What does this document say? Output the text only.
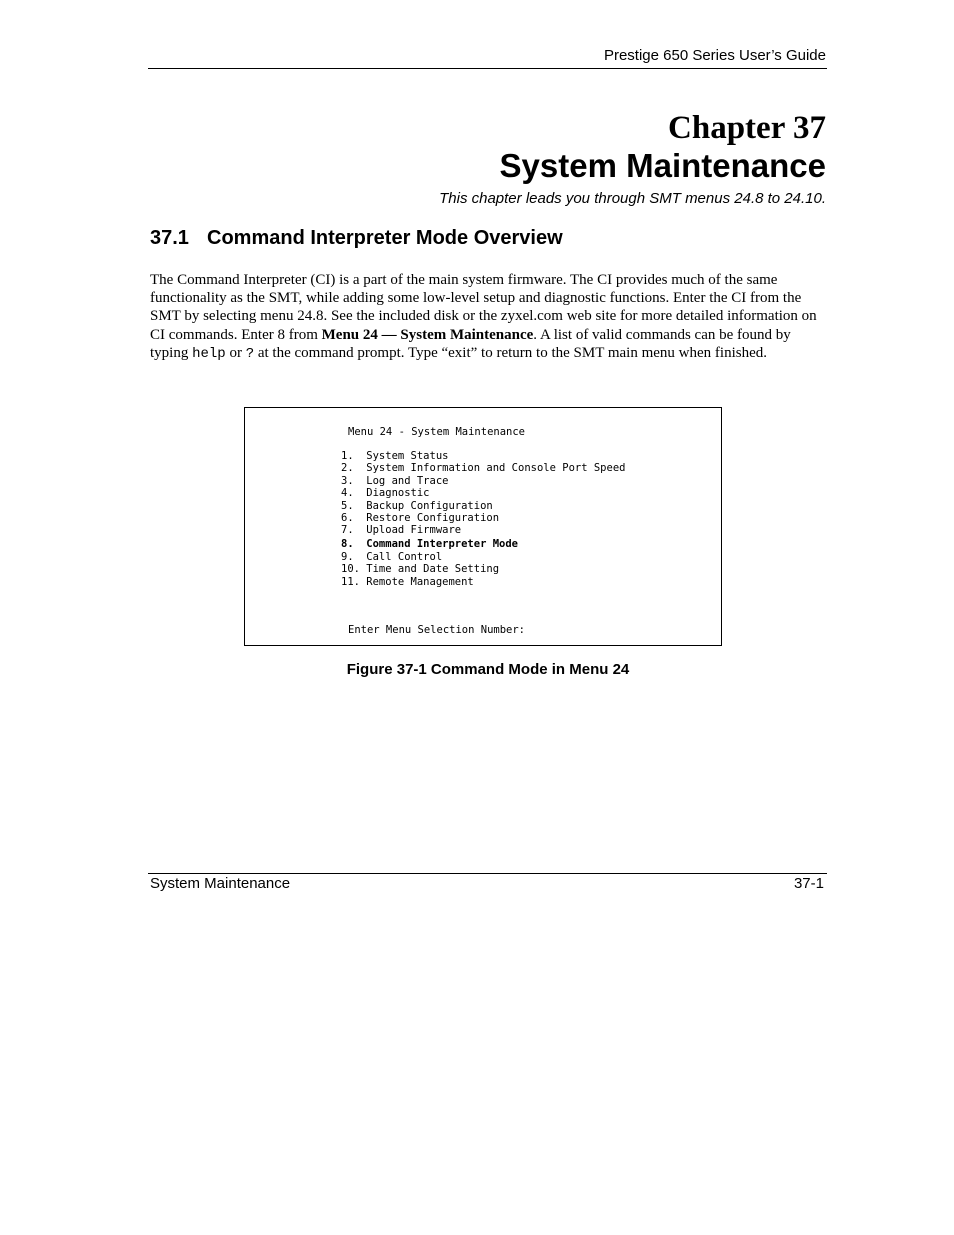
Prestige 650 Series User’s Guide
Chapter 37
System Maintenance
This chapter leads you through SMT menus 24.8 to 24.10.
37.1 Command Interpreter Mode Overview
The Command Interpreter (CI) is a part of the main system firmware. The CI provides much of the same functionality as the SMT, while adding some low-level setup and diagnostic functions. Enter the CI from the SMT by selecting menu 24.8. See the included disk or the zyxel.com web site for more detailed information on CI commands. Enter 8 from Menu 24 — System Maintenance. A list of valid commands can be found by typing help or ? at the command prompt. Type “exit” to return to the SMT main menu when finished.
Menu 24 - System Maintenance
1.  System Status
2.  System Information and Console Port Speed
3.  Log and Trace
4.  Diagnostic
5.  Backup Configuration
6.  Restore Configuration
7.  Upload Firmware
8.  Command Interpreter Mode
9.  Call Control
10. Time and Date Setting
11. Remote Management
Enter Menu Selection Number:
Figure 37-1 Command Mode in Menu 24
System Maintenance	37-1
